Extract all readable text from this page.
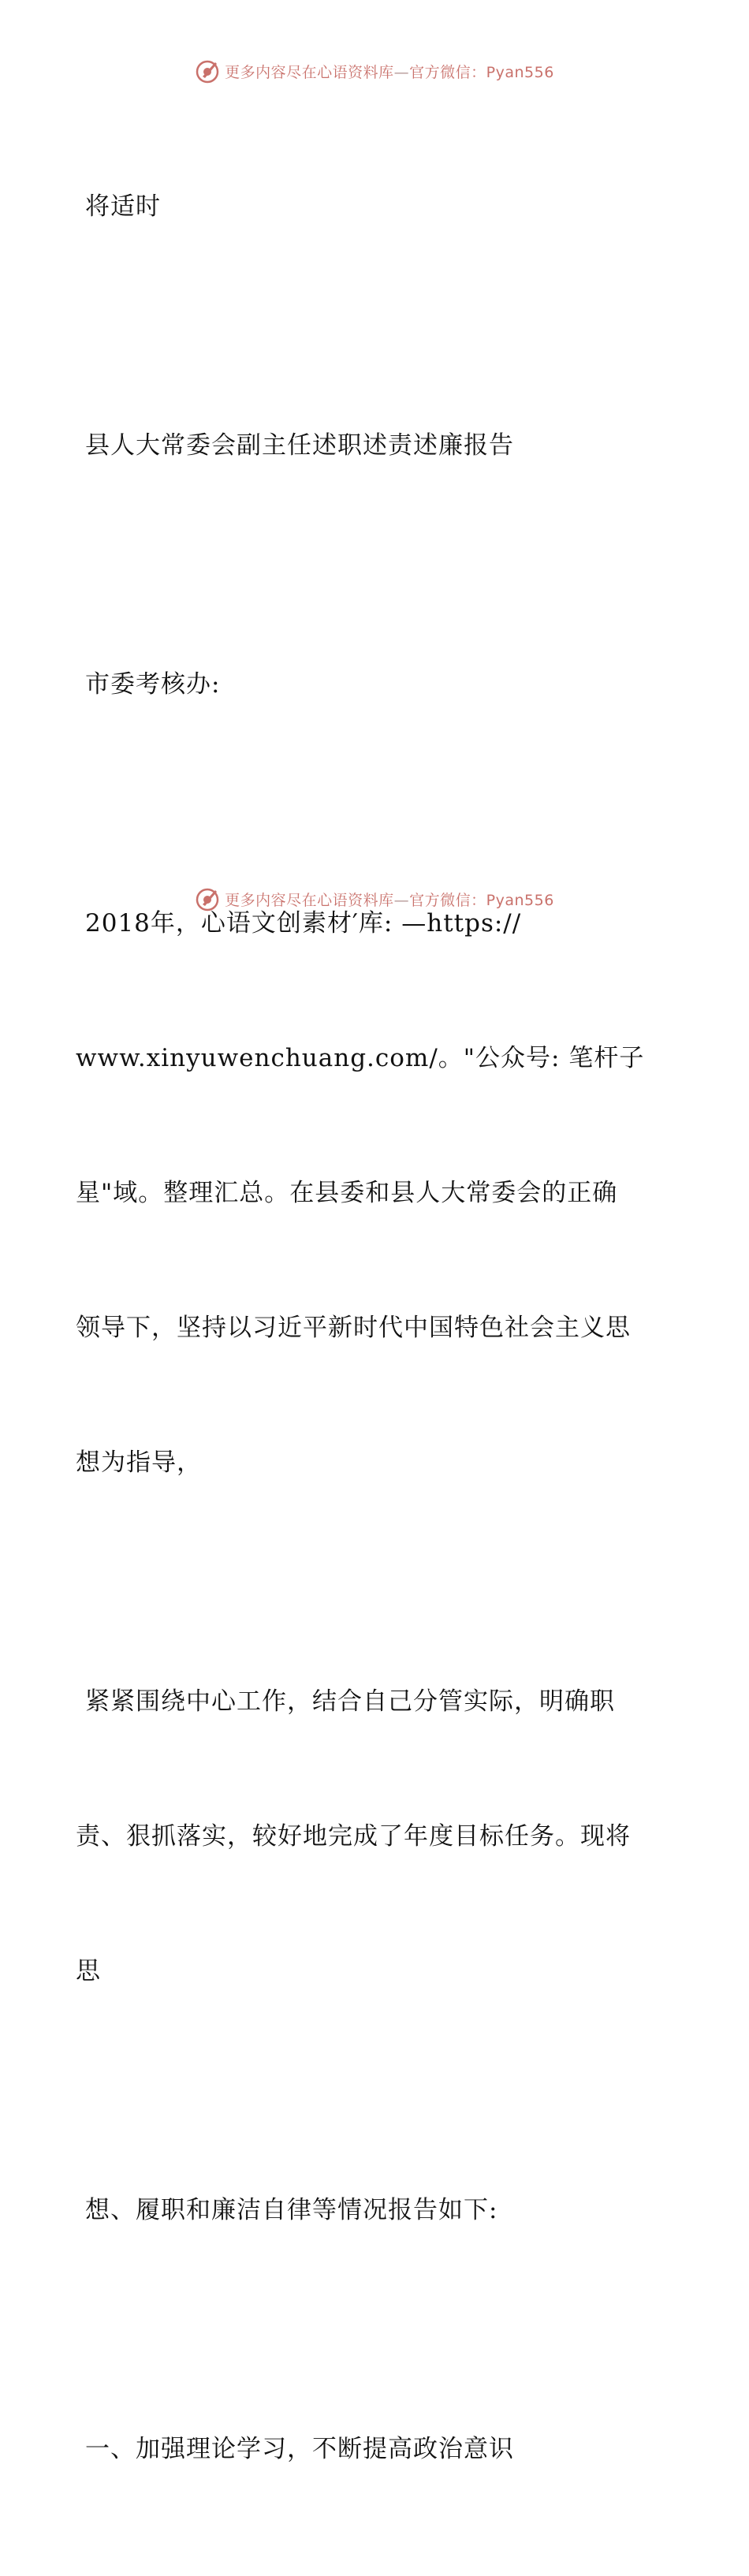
更多内容尽在心语资料库—官方微信：Pyan556

将适时

县人大常委会副主任述职述责述廉报告

市委考核办:

2018年，心语文创素材′库: —https://

www.xinyuwenchuang.com/。"公众号: 笔杆子

星"域。整理汇总。在县委和县人大常委会的正确

领导下，坚持以习近平新时代中国特色社会主义思

想为指导，

紧紧围绕中心工作，结合自己分管实际，明确职

责、狠抓落实，较好地完成了年度目标任务。现将

思

想、履职和廉洁自律等情况报告如下:

一、加强理论学习，不断提高政治意识

更多内容尽在心语资料库—官方微信：Pyan556
